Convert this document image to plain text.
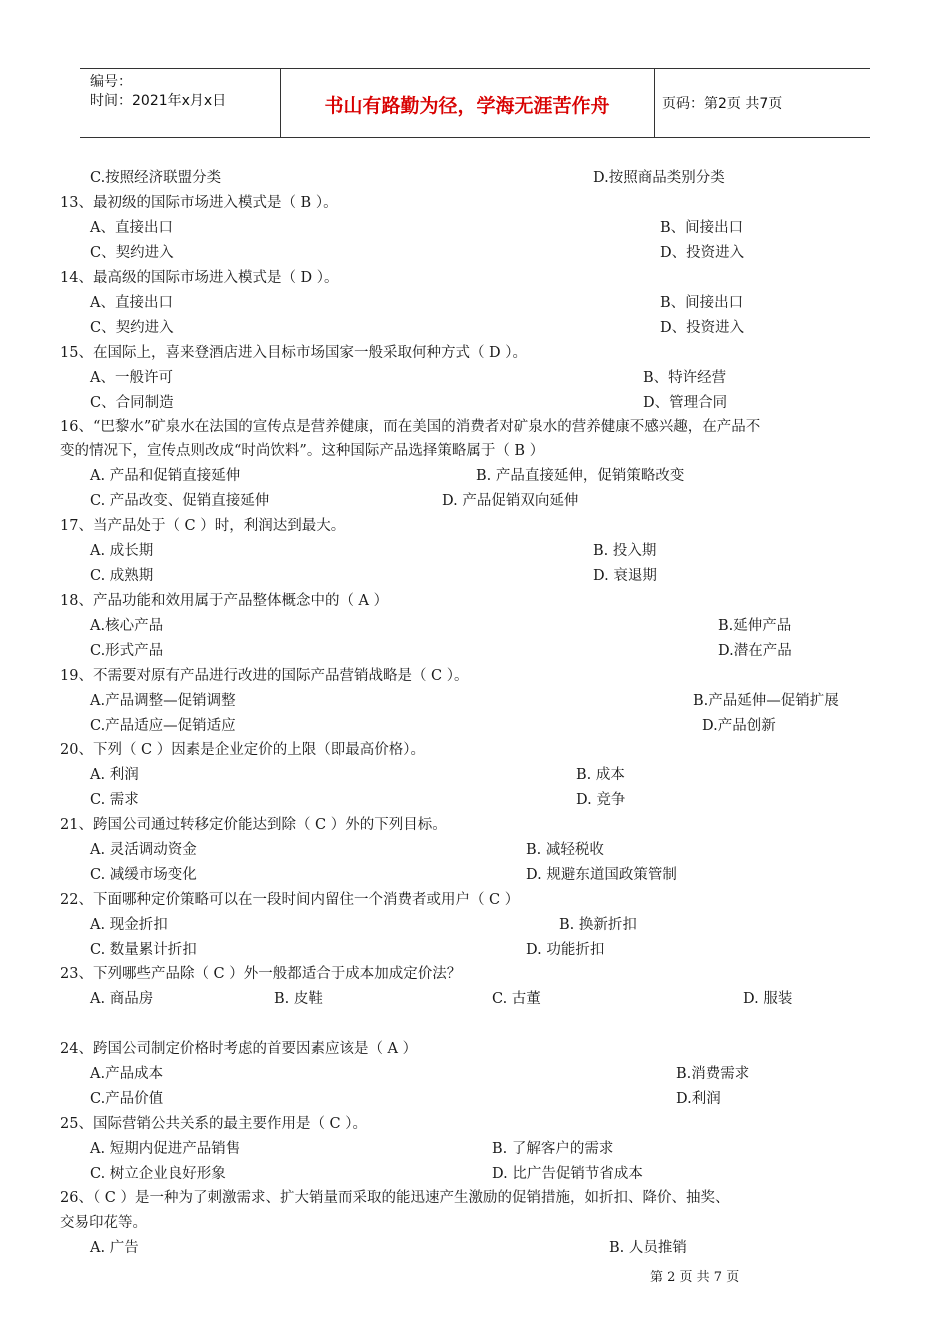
编号：
时间：2021年x月x日	书山有路勤为径，学海无涯苦作舟	页码：第2页 共7页
C.按照经济联盟分类	D.按照商品类别分类
13、最初级的国际市场进入模式是（ B ）。
A、直接出口	B、间接出口
C、契约进入	D、投资进入
14、最高级的国际市场进入模式是（ D ）。
A、直接出口	B、间接出口
C、契约进入	D、投资进入
15、在国际上，喜来登酒店进入目标市场国家一般采取何种方式（ D ）。
A、一般许可	B、特许经营
C、合同制造	D、管理合同
16、“巴黎水”矿泉水在法国的宣传点是营养健康，而在美国的消费者对矿泉水的营养健康不感兴趣，在产品不
变的情况下，宣传点则改成“时尚饮料”。这种国际产品选择策略属于（ B ）
A. 产品和促销直接延伸	B. 产品直接延伸，促销策略改变
C. 产品改变、促销直接延伸	D. 产品促销双向延伸
17、当产品处于（ C ）时，利润达到最大。
A. 成长期	B. 投入期
C. 成熟期	D. 衰退期
18、产品功能和效用属于产品整体概念中的（ A ）
A.核心产品	B.延伸产品
C.形式产品	D.潜在产品
19、不需要对原有产品进行改进的国际产品营销战略是（ C ）。
A.产品调整—促销调整	B.产品延伸—促销扩展
C.产品适应—促销适应	D.产品创新
20、下列（ C ）因素是企业定价的上限（即最高价格）。
A. 利润	B. 成本
C. 需求	D. 竞争
21、跨国公司通过转移定价能达到除（ C ）外的下列目标。
A. 灵活调动资金	B. 减轻税收
C. 减缓市场变化	D. 规避东道国政策管制
22、下面哪种定价策略可以在一段时间内留住一个消费者或用户（ C ）
A. 现金折扣	B. 换新折扣
C. 数量累计折扣	D. 功能折扣
23、下列哪些产品除（ C ）外一般都适合于成本加成定价法？
A. 商品房	B. 皮鞋	C. 古董	D. 服装
24、跨国公司制定价格时考虑的首要因素应该是（ A ）
A.产品成本	B.消费需求
C.产品价值	D.利润
25、国际营销公共关系的最主要作用是（ C ）。
A. 短期内促进产品销售	B. 了解客户的需求
C. 树立企业良好形象	D. 比广告促销节省成本
26、（ C ）是一种为了刺激需求、扩大销量而采取的能迅速产生激励的促销措施，如折扣、降价、抽奖、
交易印花等。
A. 广告	B. 人员推销
第 2 页 共 7 页
